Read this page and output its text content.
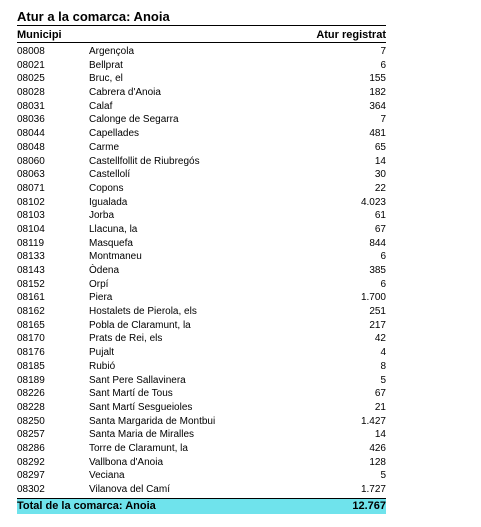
Atur a la comarca: Anoia
Municipi	Atur registrat
08008	Argençola	7
08021	Bellprat	6
08025	Bruc, el	155
08028	Cabrera d'Anoia	182
08031	Calaf	364
08036	Calonge de Segarra	7
08044	Capellades	481
08048	Carme	65
08060	Castellfollit de Riubregós	14
08063	Castellolí	30
08071	Copons	22
08102	Igualada	4.023
08103	Jorba	61
08104	Llacuna, la	67
08119	Masquefa	844
08133	Montmaneu	6
08143	Òdena	385
08152	Orpí	6
08161	Piera	1.700
08162	Hostalets de Pierola, els	251
08165	Pobla de Claramunt, la	217
08170	Prats de Rei, els	42
08176	Pujalt	4
08185	Rubió	8
08189	Sant Pere Sallavinera	5
08226	Sant Martí de Tous	67
08228	Sant Martí Sesgueioles	21
08250	Santa Margarida de Montbui	1.427
08257	Santa Maria de Miralles	14
08286	Torre de Claramunt, la	426
08292	Vallbona d'Anoia	128
08297	Veciana	5
08302	Vilanova del Camí	1.727
Total de la comarca: Anoia	12.767
